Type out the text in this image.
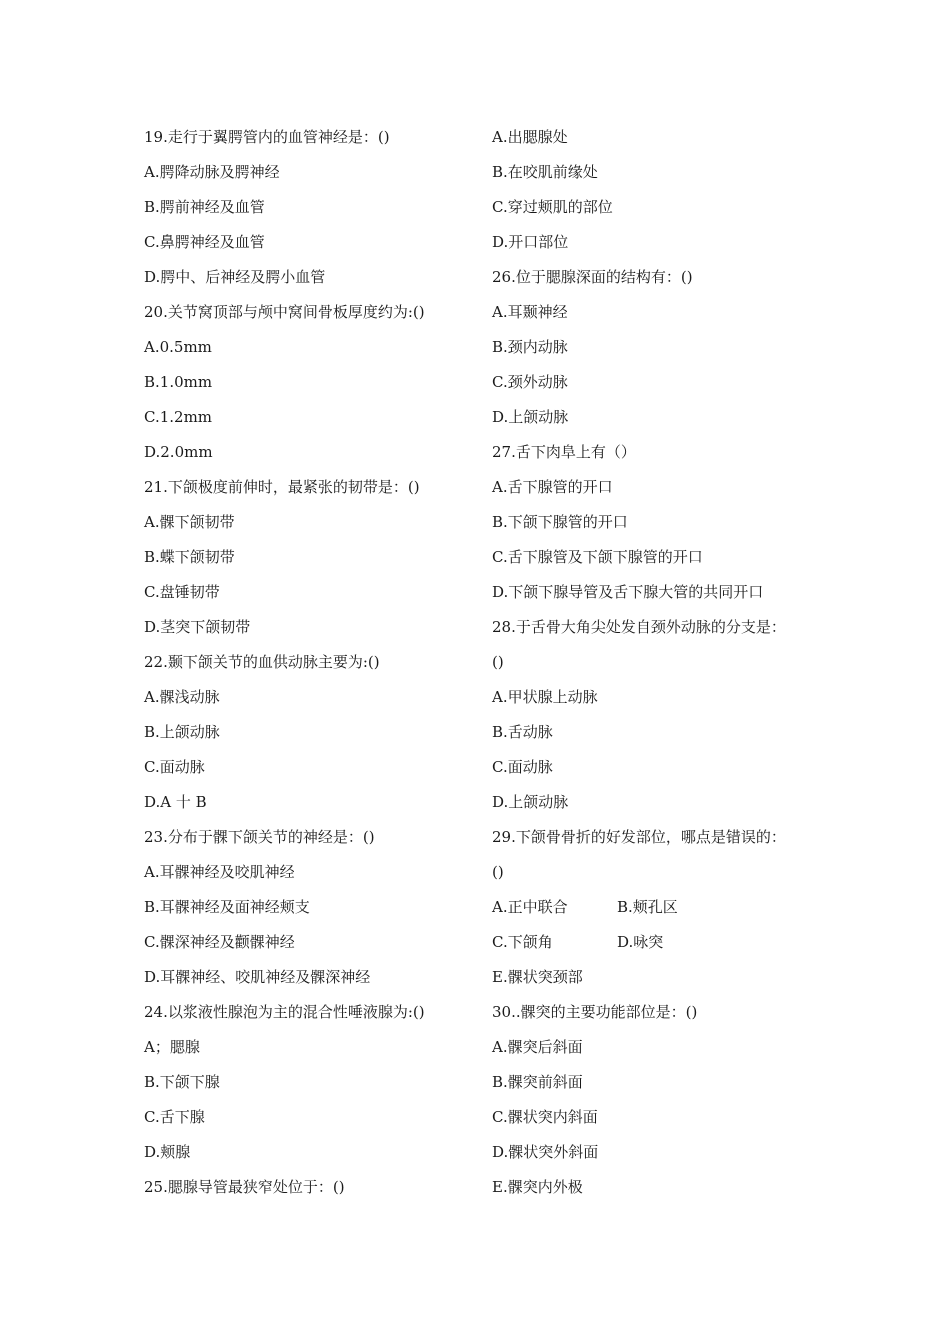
19.走行于翼腭管内的血管神经是：()
A.腭降动脉及腭神经
B.腭前神经及血管
C.鼻腭神经及血管
D.腭中、后神经及腭小血管
20.关节窝顶部与颅中窝间骨板厚度约为:()
A.0.5mm
B.1.0mm
C.1.2mm
D.2.0mm
21.下颌极度前伸时，最紧张的韧带是：()
A.髁下颌韧带
B.蝶下颌韧带
C.盘锤韧带
D.茎突下颌韧带
22.颞下颌关节的血供动脉主要为:()
A.髁浅动脉
B.上颌动脉
C.面动脉
D.A 十 B
23.分布于髁下颌关节的神经是：()
A.耳髁神经及咬肌神经
B.耳髁神经及面神经颊支
C.髁深神经及颧髁神经
D.耳髁神经、咬肌神经及髁深神经
24.以浆液性腺泡为主的混合性唾液腺为:()
A；腮腺
B.下颌下腺
C.舌下腺
D.颊腺
25.腮腺导管最狭窄处位于：()
A.出腮腺处
B.在咬肌前缘处
C.穿过颊肌的部位
D.开口部位
26.位于腮腺深面的结构有：()
A.耳颞神经
B.颈内动脉
C.颈外动脉
D.上颌动脉
27.舌下肉阜上有（）
A.舌下腺管的开口
B.下颌下腺管的开口
C.舌下腺管及下颌下腺管的开口
D.下颌下腺导管及舌下腺大管的共同开口
28.于舌骨大角尖处发自颈外动脉的分支是：
()
A.甲状腺上动脉
B.舌动脉
C.面动脉
D.上颌动脉
29.下颌骨骨折的好发部位，哪点是错误的：
()
A.正中联合	B.颊孔区
C.下颌角	D.咏突
E.髁状突颈部
30..髁突的主要功能部位是：()
A.髁突后斜面
B.髁突前斜面
C.髁状突内斜面
D.髁状突外斜面
E.髁突内外极
